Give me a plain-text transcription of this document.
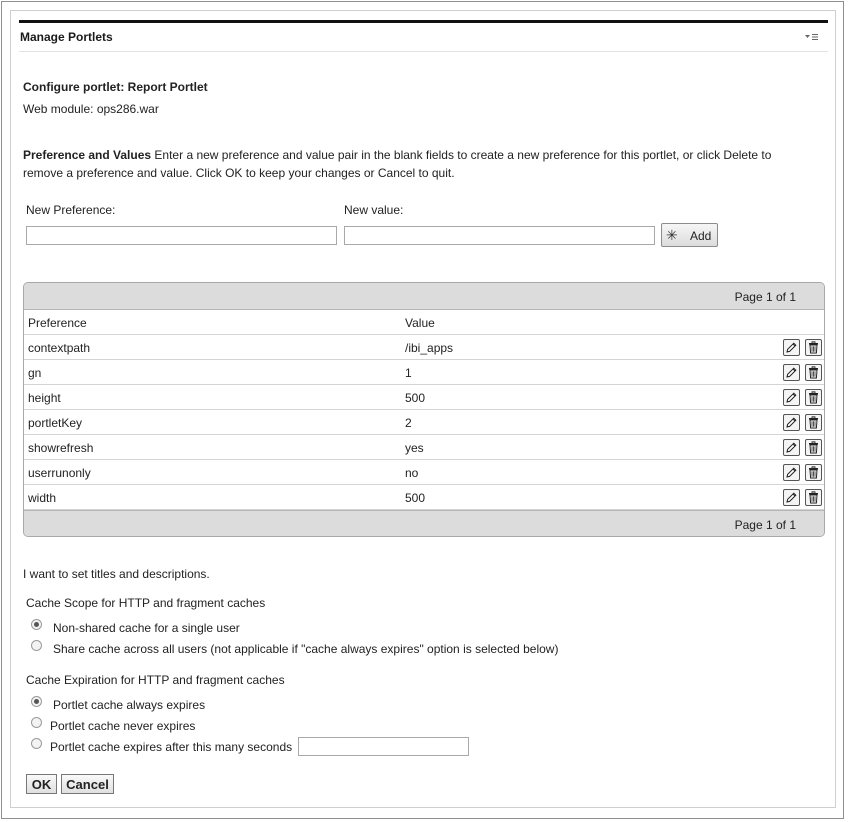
Manage Portlets
Configure portlet: Report Portlet
Web module: ops286.war
Preference and Values Enter a new preference and value pair in the blank fields to create a new preference for this portlet, or click Delete to
remove a preference and value. Click OK to keep your changes or Cancel to quit.
New Preference:	New value:
✳ Add
Page 1 of 1
Preference	Value
contextpath	/ibi_apps
gn	1
height	500
portletKey	2
showrefresh	yes
userrunonly	no
width	500
Page 1 of 1
I want to set titles and descriptions.
Cache Scope for HTTP and fragment caches
Non-shared cache for a single user
Share cache across all users (not applicable if "cache always expires" option is selected below)
Cache Expiration for HTTP and fragment caches
Portlet cache always expires
Portlet cache never expires
Portlet cache expires after this many seconds
OK	Cancel
